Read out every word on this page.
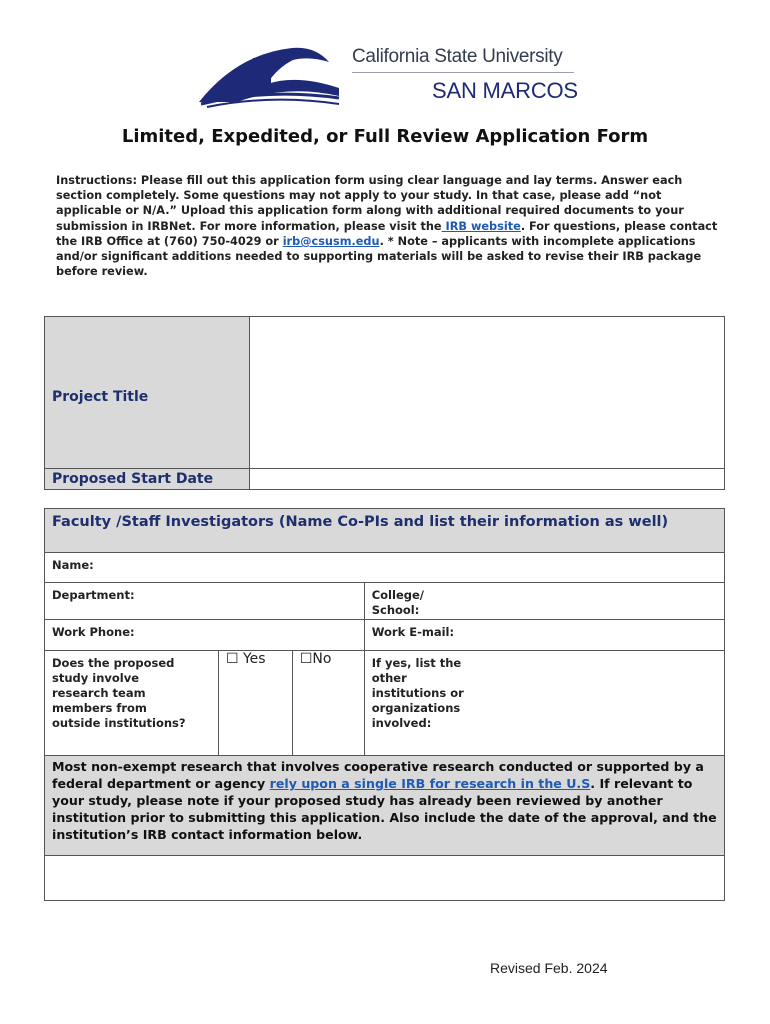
California State University
SAN MARCOS
Limited, Expedited, or Full Review Application Form
Instructions: Please fill out this application form using clear language and lay terms. Answer each section completely. Some questions may not apply to your study. In that case, please add “not applicable or N/A.” Upload this application form along with additional required documents to your submission in IRBNet. For more information, please visit the IRB website. For questions, please contact the IRB Office at (760) 750-4029 or irb@csusm.edu. * Note – applicants with incomplete applications and/or significant additions needed to supporting materials will be asked to revise their IRB package before review.
Project Title	
Proposed Start Date	
Faculty /Staff Investigators (Name Co-PIs and list their information as well)			
Name:			
Department:			College/ School:

Work Phone:			Work E-mail:

Does the proposed study involve research team members from outside institutions?	☐ Yes	☐No	If yes, list the other institutions or organizations involved:

Most non-exempt research that involves cooperative research conducted or supported by a federal department or agency rely upon a single IRB for research in the U.S. If relevant to your study, please note if your proposed study has already been reviewed by another institution prior to submitting this application. Also include the date of the approval, and the institution’s IRB contact information below.			

Revised Feb. 2024
